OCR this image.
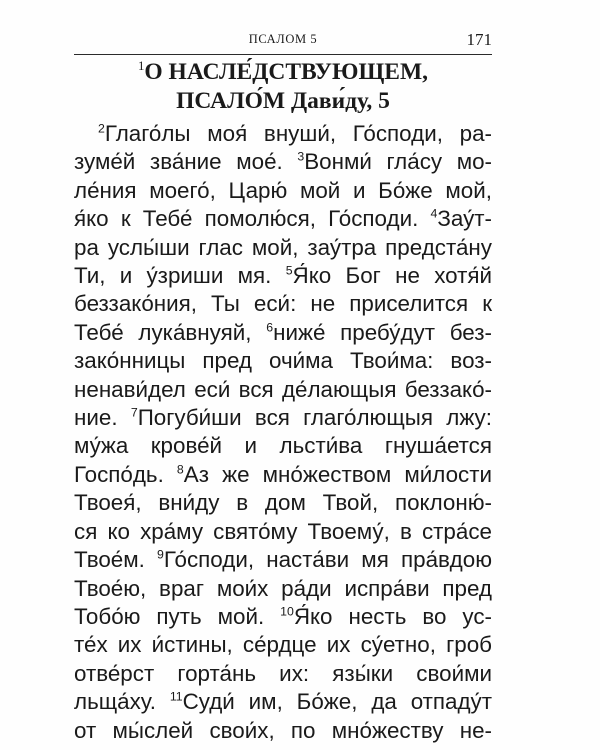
ПСАЛОМ 5	171
$^1$О НАСЛЕ́ДСТВУЮЩЕМ,
ПСАЛО́М Дави́ду, 5
$^2$Глаго́лы моя́ внуши́, Го́споди, ра-
зуме́й зва́ние мое́. $^3$Вонми́ гла́су мо-
ле́ния моего́, Царю́ мой и Бо́же мой,
я́ко к Тебе́ помолю́ся, Го́споди. $^4$Зау́т-
ра услы́ши глас мой, зау́тра предста́ну
Ти, и у́зриши мя. $^5$Я́ко Бог не хотя́й
беззако́ния, Ты еси́: не приселится к
Тебе́ лука́внуяй, $^6$ниже́ пребу́дут без-
зако́нницы пред очи́ма Твои́ма: воз-
ненави́дел еси́ вся де́лающыя беззако́-
ние. $^7$Погуби́ши вся глаго́лющыя лжу:
му́жа крове́й и льсти́ва гнуша́ется
Госпо́дь. $^8$Аз же мно́жеством ми́лости
Твоея́, вни́ду в дом Твой, поклоню́-
ся ко хра́му свято́му Твоему́, в стра́се
Твое́м. $^9$Го́споди, наста́ви мя пра́вдою
Твое́ю, враг мои́х ра́ди испра́ви пред
Тобо́ю путь мой. $^{10}$Я́ко несть во ус-
те́х их и́стины, се́рдце их су́етно, гроб
отве́рст горта́нь их: язы́ки свои́ми
льща́ху. $^{11}$Суди́ им, Бо́же, да отпаду́т
от мы́слей свои́х, по мно́жеству не-
